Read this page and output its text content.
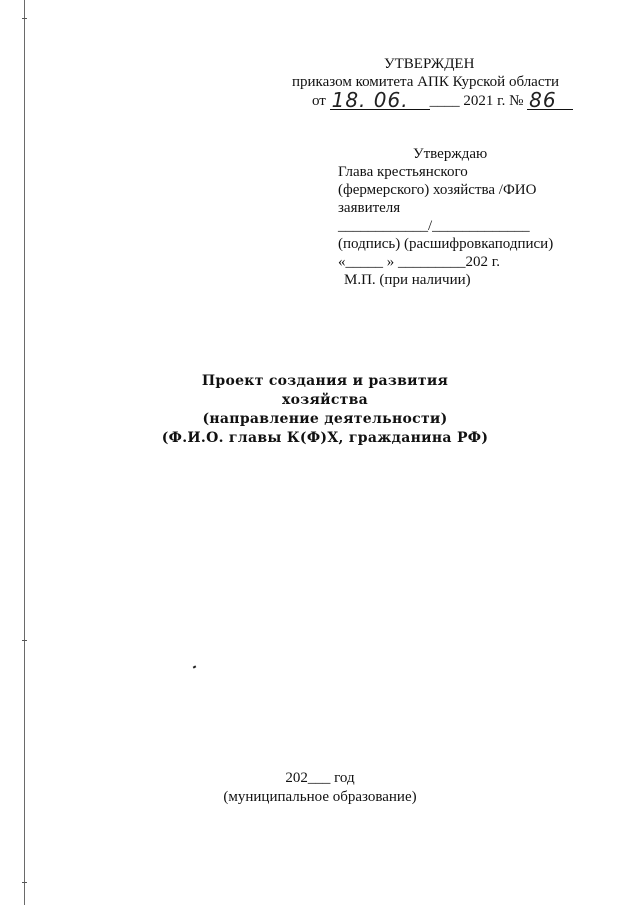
УТВЕРЖДЕН
приказом комитета АПК Курской области
от 18. 06. ____ 2021 г. № 86
Утверждаю
Глава крестьянского
(фермерского) хозяйства /ФИО
заявителя
____________/_____________
(подпись) (расшифровкаподписи)
«_____ » _________202 г.
М.П. (при наличии)
Проект создания и развития хозяйства
(направление деятельности)
(Ф.И.О. главы К(Ф)Х, гражданина РФ)
202___ год
(муниципальное образование)
